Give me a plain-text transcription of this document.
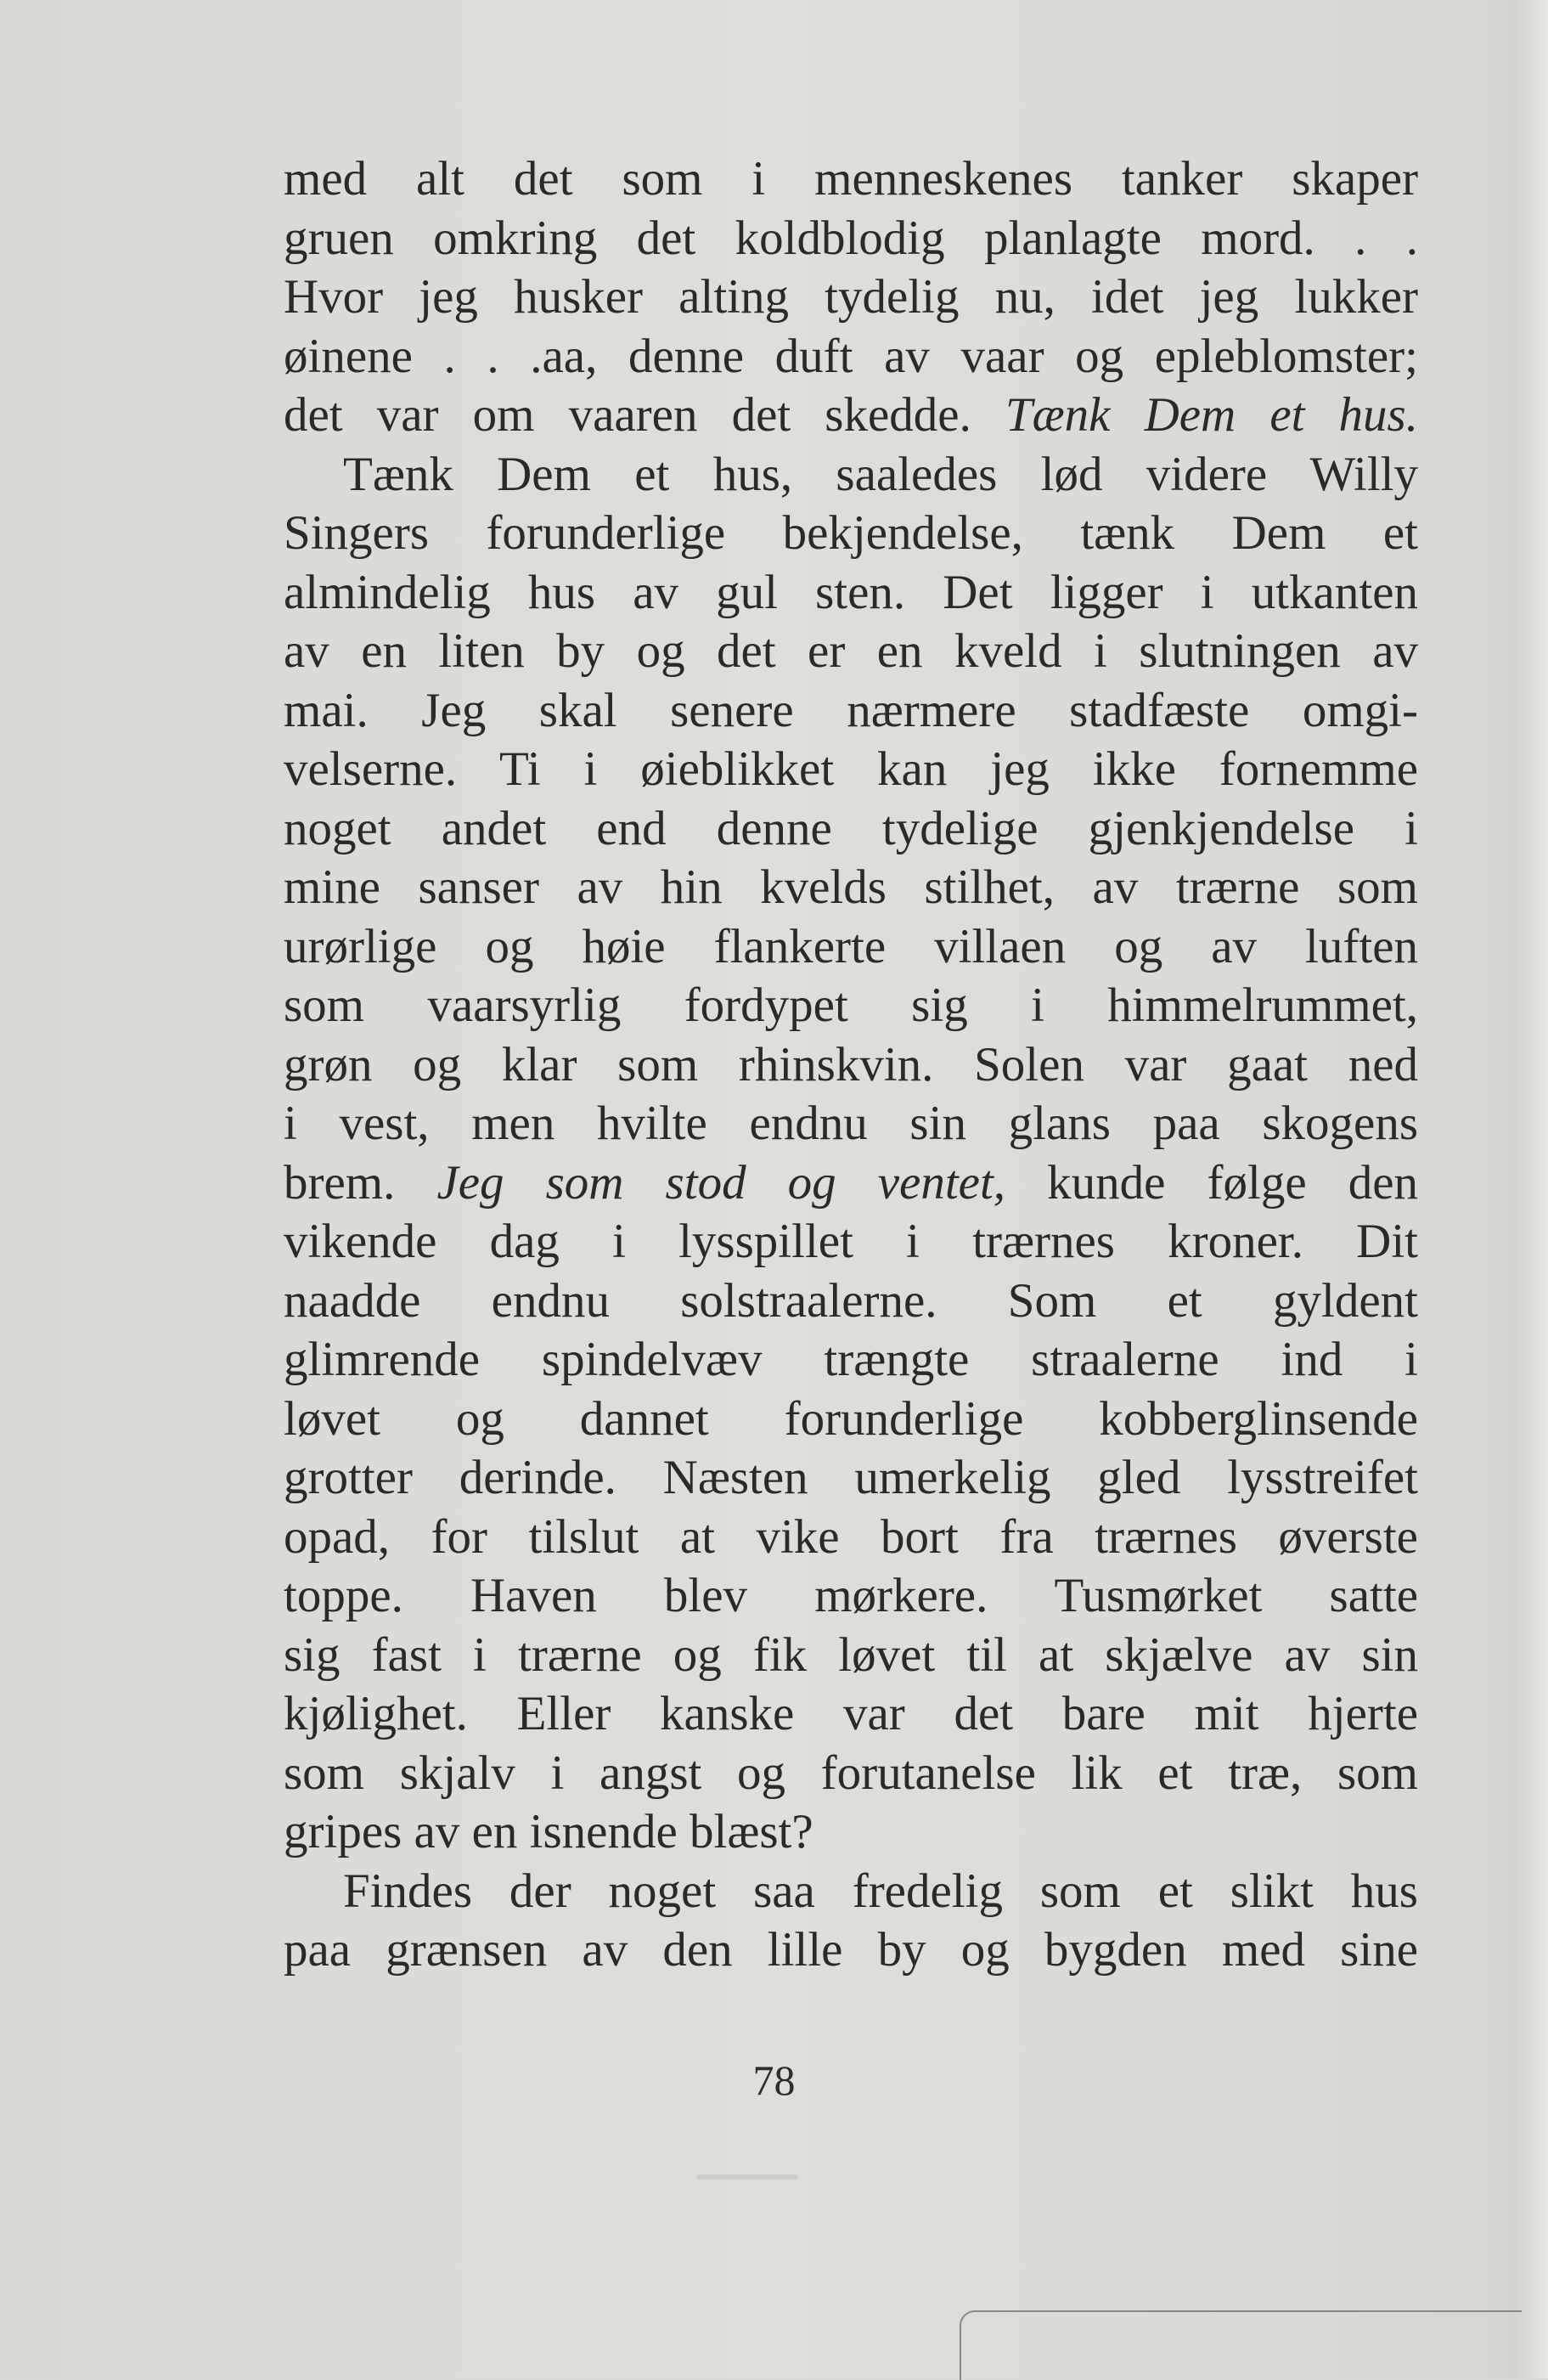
med alt det som i menneskenes tanker skaper
gruen omkring det koldblodig planlagte mord. . .
Hvor jeg husker alting tydelig nu, idet jeg lukker
øinene . . .aa, denne duft av vaar og epleblomster;
det var om vaaren det skedde. Tænk Dem et hus.
Tænk Dem et hus, saaledes lød videre Willy
Singers forunderlige bekjendelse, tænk Dem et
almindelig hus av gul sten. Det ligger i utkanten
av en liten by og det er en kveld i slutningen av
mai. Jeg skal senere nærmere stadfæste omgi-
velserne. Ti i øieblikket kan jeg ikke fornemme
noget andet end denne tydelige gjenkjendelse i
mine sanser av hin kvelds stilhet, av trærne som
urørlige og høie flankerte villaen og av luften
som vaarsyrlig fordypet sig i himmelrummet,
grøn og klar som rhinskvin. Solen var gaat ned
i vest, men hvilte endnu sin glans paa skogens
brem. Jeg som stod og ventet, kunde følge den
vikende dag i lysspillet i trærnes kroner. Dit
naadde endnu solstraalerne. Som et gyldent
glimrende spindelvæv trængte straalerne ind i
løvet og dannet forunderlige kobberglinsende
grotter derinde. Næsten umerkelig gled lysstreifet
opad, for tilslut at vike bort fra trærnes øverste
toppe. Haven blev mørkere. Tusmørket satte
sig fast i trærne og fik løvet til at skjælve av sin
kjølighet. Eller kanske var det bare mit hjerte
som skjalv i angst og forutanelse lik et træ, som
gripes av en isnende blæst?
Findes der noget saa fredelig som et slikt hus
paa grænsen av den lille by og bygden med sine
78
